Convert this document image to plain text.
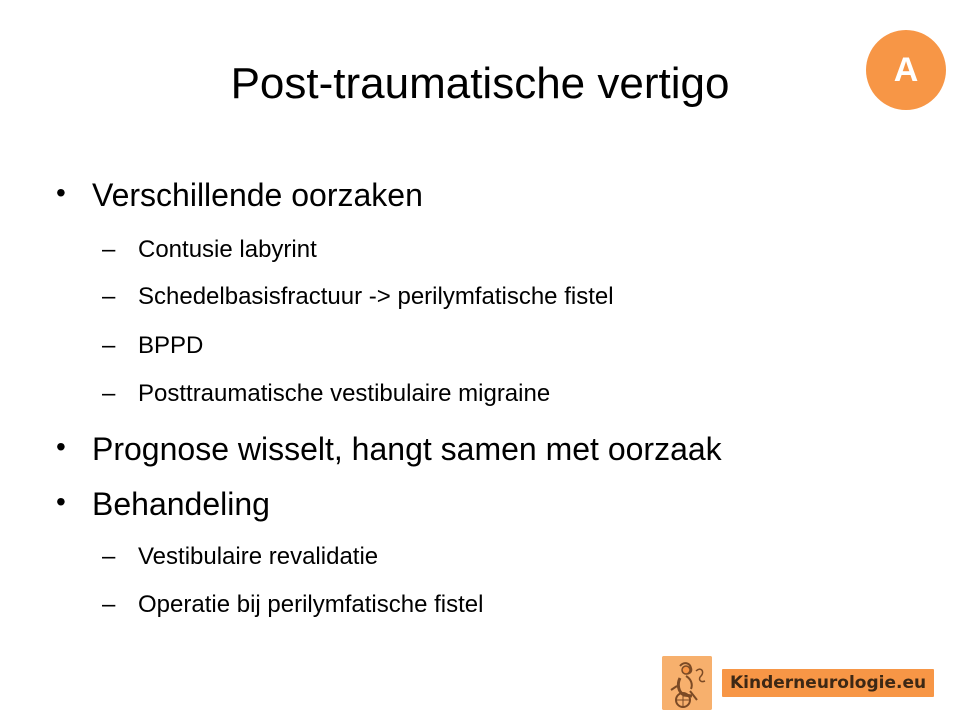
Post-traumatische vertigo	A
• Verschillende oorzaken
– Contusie labyrint
– Schedelbasisfractuur -> perilymfatische fistel
– BPPD
– Posttraumatische vestibulaire migraine
• Prognose wisselt, hangt samen met oorzaak
• Behandeling
– Vestibulaire revalidatie
– Operatie bij perilymfatische fistel
Kinderneurologie.eu
